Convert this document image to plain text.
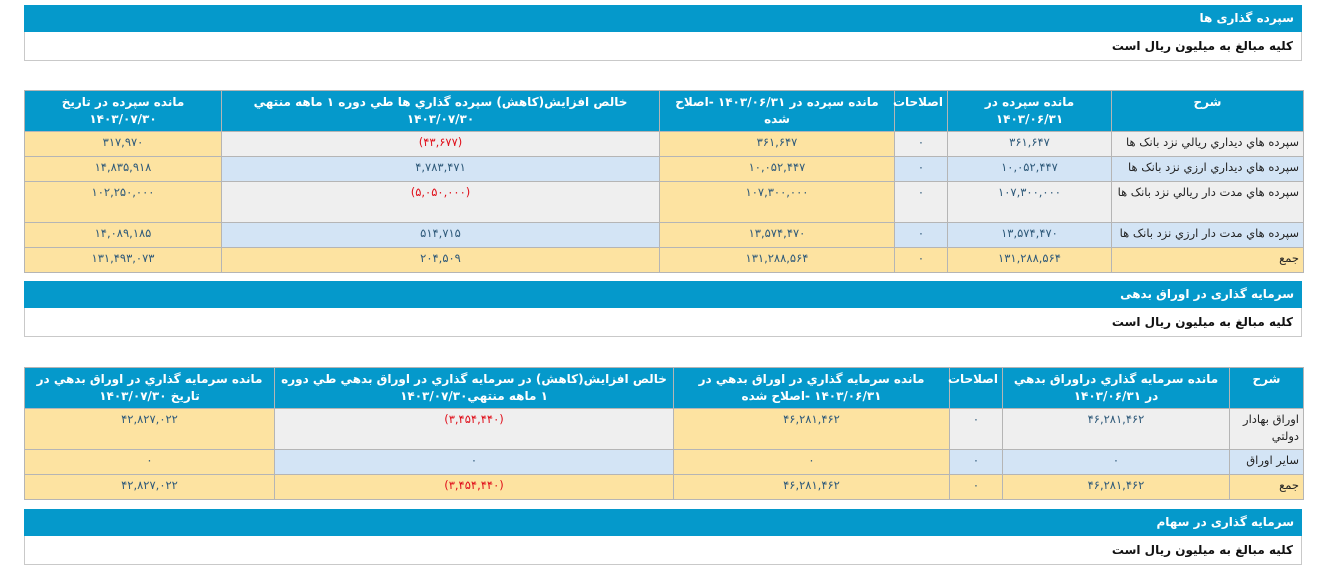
سپرده گذاری ها
کلیه مبالغ به میلیون ریال است
شرح	مانده سپرده در ۱۴۰۳/۰۶/۳۱	اصلاحات	مانده سپرده در ۱۴۰۳/۰۶/۳۱ -اصلاح شده	خالص افزایش(کاهش) سپرده گذاري ها طي دوره ۱ ماهه منتهي ۱۴۰۳/۰۷/۳۰	مانده سپرده در تاریخ ۱۴۰۳/۰۷/۳۰
سپرده هاي ديداري ريالي نزد بانک ها	۳۶۱,۶۴۷	۰	۳۶۱,۶۴۷	(۴۳,۶۷۷)	۳۱۷,۹۷۰
سپرده هاي ديداري ارزي نزد بانک ها	۱۰,۰۵۲,۴۴۷	۰	۱۰,۰۵۲,۴۴۷	۴,۷۸۳,۴۷۱	۱۴,۸۳۵,۹۱۸
سپرده هاي مدت دار ريالي نزد بانک ها	۱۰۷,۳۰۰,۰۰۰	۰	۱۰۷,۳۰۰,۰۰۰	(۵,۰۵۰,۰۰۰)	۱۰۲,۲۵۰,۰۰۰
سپرده هاي مدت دار ارزي نزد بانک ها	۱۳,۵۷۴,۴۷۰	۰	۱۳,۵۷۴,۴۷۰	۵۱۴,۷۱۵	۱۴,۰۸۹,۱۸۵
جمع	۱۳۱,۲۸۸,۵۶۴	۰	۱۳۱,۲۸۸,۵۶۴	۲۰۴,۵۰۹	۱۳۱,۴۹۳,۰۷۳
سرمایه گذاری در اوراق بدهی
کلیه مبالغ به میلیون ریال است
شرح	مانده سرمایه گذاري دراوراق بدهي در ۱۴۰۳/۰۶/۳۱	اصلاحات	مانده سرمایه گذاري در اوراق بدهي در ۱۴۰۳/۰۶/۳۱ -اصلاح شده	خالص افزایش(کاهش) در سرمایه گذاري در اوراق بدهي طي دوره ۱ ماهه منتهي۱۴۰۳/۰۷/۳۰	مانده سرمایه گذاري در اوراق بدهي در تاریخ ۱۴۰۳/۰۷/۳۰
اوراق بهادار دولتي	۴۶,۲۸۱,۴۶۲	۰	۴۶,۲۸۱,۴۶۲	(۳,۴۵۴,۴۴۰)	۴۲,۸۲۷,۰۲۲
سایر اوراق	۰	۰	۰	۰	۰
جمع	۴۶,۲۸۱,۴۶۲	۰	۴۶,۲۸۱,۴۶۲	(۳,۴۵۴,۴۴۰)	۴۲,۸۲۷,۰۲۲
سرمایه گذاری در سهام
کلیه مبالغ به میلیون ریال است
